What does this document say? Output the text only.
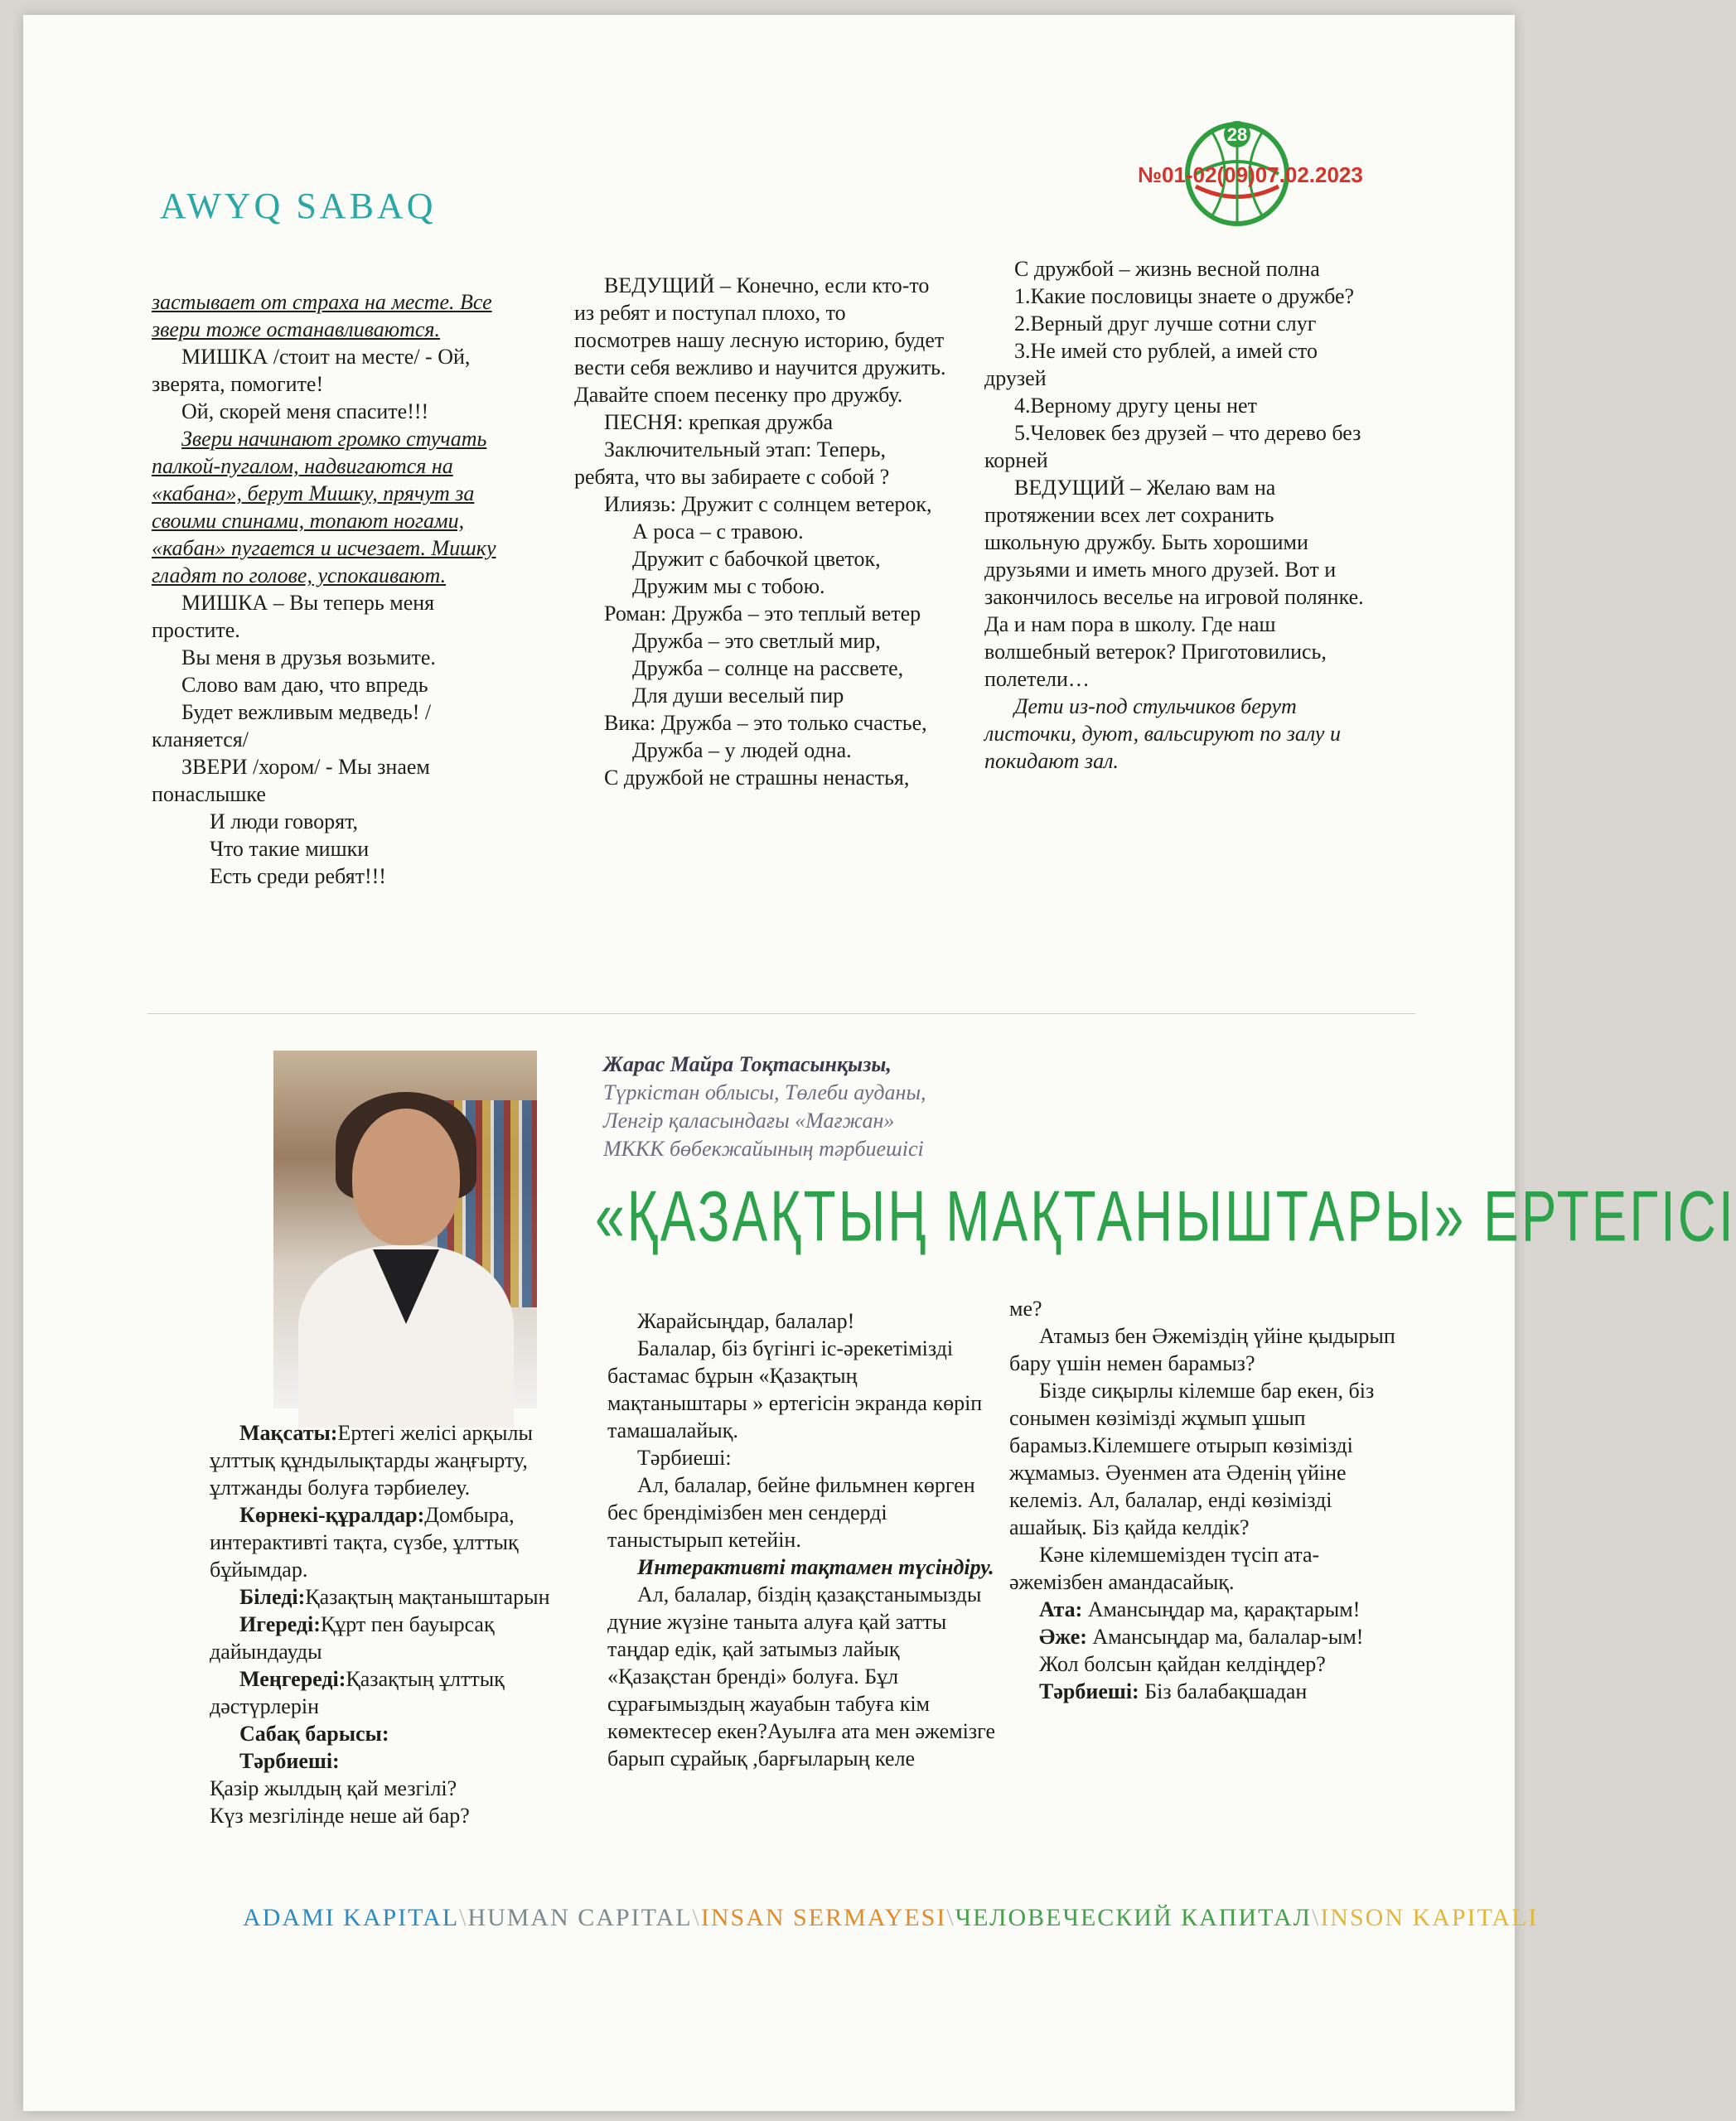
AWYQ SABAQ
28
№01-02(09)07.02.2023

застывает от страха на месте. Все звери тоже останавливаются.

МИШКА /стоит на месте/ - Ой, зверята, помогите!

Ой, скорей меня спасите!!!

Звери начинают громко стучать палкой-пугалом, надвигаются на «кабана», берут Мишку, прячут за своими спинами, топают ногами, «кабан» пугается и исчезает. Мишку гладят по голове, успокаивают.

МИШКА – Вы теперь меня простите.

Вы меня в друзья возьмите.

Слово вам даю, что впредь

Будет вежливым медведь! /кланяется/

ЗВЕРИ /хором/ - Мы знаем понаслышке

И люди говорят,

Что такие мишки

Есть среди ребят!!!

ВЕДУЩИЙ – Конечно, если кто-то из ребят и поступал плохо, то посмотрев нашу лесную историю, будет вести себя вежливо и научится дружить. Давайте споем песенку про дружбу.

ПЕСНЯ: крепкая дружба

Заключительный этап: Теперь, ребята, что вы забираете с собой ?

Илиязь: Дружит с солнцем ветерок,

А роса – с травою.

Дружит с бабочкой цветок,

Дружим мы с тобою.

Роман: Дружба – это теплый ветер

Дружба – это светлый мир,

Дружба – солнце на рассвете,

Для души веселый пир

Вика: Дружба – это только счастье,

Дружба – у людей одна.

С дружбой не страшны ненастья,

С дружбой – жизнь весной полна

1.Какие пословицы знаете о дружбе?

2.Верный друг лучше сотни слуг

3.Не имей сто рублей, а имей сто друзей

4.Верному другу цены нет

5.Человек без друзей – что дерево без корней

ВЕДУЩИЙ – Желаю вам на протяжении всех лет сохранить школьную дружбу. Быть хорошими друзьями и иметь много друзей. Вот и закончилось веселье на игровой полянке. Да и нам пора в школу. Где наш волшебный ветерок? Приготовились, полетели…

Дети из-под стульчиков берут листочки, дуют, вальсируют по залу и покидают зал.

Жарас Майра Тоқтасынқызы,
Түркістан облысы, Төлеби ауданы,
Ленгір қаласындағы «Мағжан»
МККК бөбекжайының тәрбиешісі
«ҚАЗАҚТЫҢ МАҚТАНЫШТАРЫ» ЕРТЕГІСІ

Мақсаты:Ертегі желісі арқылы ұлттық құндылықтарды жаңғырту, ұлтжанды болуға тәрбиелеу.

Көрнекі-құралдар:Домбыра, интерактивті тақта, сүзбе, ұлттық бұйымдар.

Біледі:Қазақтың мақтаныштарын

Игереді:Құрт пен бауырсақ дайындауды

Меңгереді:Қазақтың ұлттық дәстүрлерін

Сабақ барысы:

Тәрбиеші:

Қазір жылдың қай мезгілі?

Күз мезгілінде неше ай бар?

Жарайсыңдар, балалар!

Балалар, біз бүгінгі іс-әрекетімізді бастамас бұрын «Қазақтың мақтаныштары » ертегісін экранда көріп тамашалайық.

Тәрбиеші:

Ал, балалар, бейне фильмнен көрген бес брендімізбен мен сендерді таныстырып кетейін.

Интерактивті тақтамен түсіндіру.

Ал, балалар, біздің қазақстанымызды дүние жүзіне таныта алуға қай затты таңдар едік, қай затымыз лайық «Қазақстан бренді» болуға. Бұл сұрағымыздың жауабын табуға кім көмектесер екен?Ауылға ата мен әжемізге барып сұрайық ,барғыларың келе

ме?

Атамыз бен Әжеміздің үйіне қыдырып бару үшін немен барамыз?

Бізде сиқырлы кілемше бар екен, біз сонымен көзімізді жұмып ұшып барамыз.Кілемшеге отырып көзімізді жұмамыз. Әуенмен ата Әденің үйіне келеміз. Ал, балалар, енді көзімізді ашайық. Біз қайда келдік?

Кәне кілемшемізден түсіп ата-әжемізбен амандасайық.

Ата: Амансыңдар ма, қарақтарым!

Әже: Амансыңдар ма, балалар-ым!

Жол болсын қайдан келдіңдер?

Тәрбиеші: Біз балабақшадан

ADAMI KAPITAL\HUMAN CAPITAL\INSAN SERMAYESI\ЧЕЛОВЕЧЕСКИЙ КАПИТАЛ\INSON KAPITALI
